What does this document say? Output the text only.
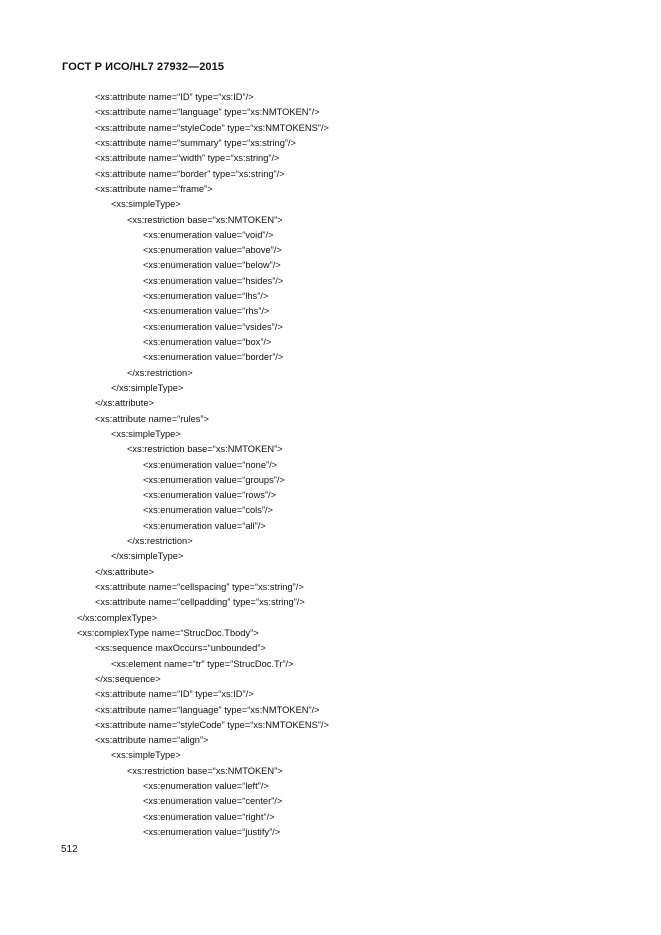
ГОСТ Р ИСО/HL7 27932—2015
<xs:attribute name=“ID” type=“xs:ID”/>
<xs:attribute name=“language” type=“xs:NMTOKEN”/>
<xs:attribute name=“styleCode” type=“xs:NMTOKENS”/>
<xs:attribute name=“summary” type=“xs:string”/>
<xs:attribute name=“width” type=“xs:string”/>
<xs:attribute name=“border” type=“xs:string”/>
<xs:attribute name=“frame”>
<xs:simpleType>
<xs:restriction base=“xs:NMTOKEN”>
<xs:enumeration value=“void”/>
<xs:enumeration value=“above”/>
<xs:enumeration value=“below”/>
<xs:enumeration value=“hsides”/>
<xs:enumeration value=“lhs”/>
<xs:enumeration value=“rhs”/>
<xs:enumeration value=“vsides”/>
<xs:enumeration value=“box”/>
<xs:enumeration value=“border”/>
</xs:restriction>
</xs:simpleType>
</xs:attribute>
<xs:attribute name=“rules”>
<xs:simpleType>
<xs:restriction base=“xs:NMTOKEN”>
<xs:enumeration value=“none”/>
<xs:enumeration value=“groups”/>
<xs:enumeration value=“rows”/>
<xs:enumeration value=“cols”/>
<xs:enumeration value=“all”/>
</xs:restriction>
</xs:simpleType>
</xs:attribute>
<xs:attribute name=“cellspacing” type=“xs:string”/>
<xs:attribute name=“cellpadding” type=“xs:string”/>
</xs:complexType>
<xs:complexType name=“StrucDoc.Tbody”>
<xs:sequence maxOccurs=“unbounded”>
<xs:element name=“tr” type=“StrucDoc.Tr”/>
</xs:sequence>
<xs:attribute name=“ID” type=“xs:ID”/>
<xs:attribute name=“language” type=“xs:NMTOKEN”/>
<xs:attribute name=“styleCode” type=“xs:NMTOKENS”/>
<xs:attribute name=“align”>
<xs:simpleType>
<xs:restriction base=“xs:NMTOKEN”>
<xs:enumeration value=“left”/>
<xs:enumeration value=“center”/>
<xs:enumeration value=“right”/>
<xs:enumeration value=“justify”/>

512
